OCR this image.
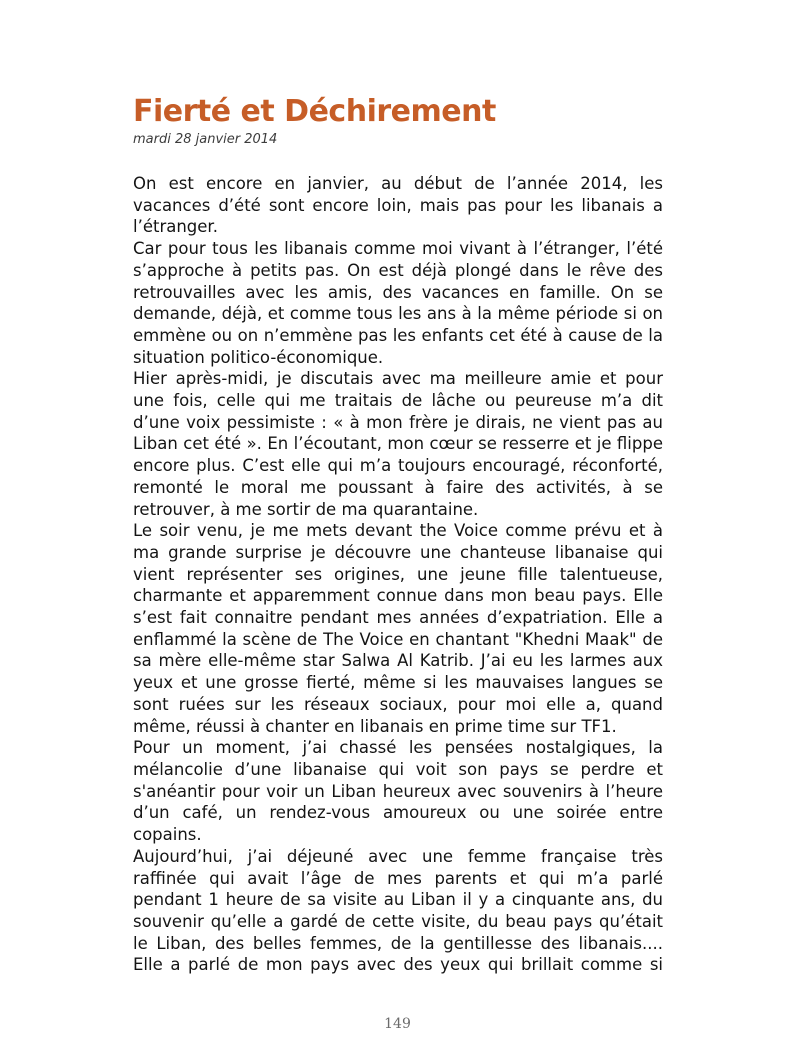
Fierté et Déchirement
mardi 28 janvier 2014

On est encore en janvier, au début de l’année 2014, les vacances d’été sont encore loin, mais pas pour les libanais a l’étranger.

Car pour tous les libanais comme moi vivant à l’étranger, l’été s’approche à petits pas. On est déjà plongé dans le rêve des retrouvailles avec les amis, des vacances en famille. On se demande, déjà, et comme tous les ans à la même période si on emmène ou on n’emmène pas les enfants cet été à cause de la situation politico-économique.

Hier après-midi, je discutais avec ma meilleure amie et pour une fois, celle qui me traitais de lâche ou peureuse m’a dit d’une voix pessimiste : « à mon frère je dirais, ne vient pas au Liban cet été ». En l’écoutant, mon cœur se resserre et je flippe encore plus. C’est elle qui m’a toujours encouragé, réconforté, remonté le moral me poussant à faire des activités, à se retrouver, à me sortir de ma quarantaine.

Le soir venu, je me mets devant the Voice comme prévu et à ma grande surprise je découvre une chanteuse libanaise qui vient représenter ses origines, une jeune fille talentueuse, charmante et apparemment connue dans mon beau pays. Elle s’est fait connaitre pendant mes années d’expatriation. Elle a enflammé la scène de The Voice en chantant "Khedni Maak" de sa mère elle-même star Salwa Al Katrib. J’ai eu les larmes aux yeux et une grosse fierté, même si les mauvaises langues se sont ruées sur les réseaux sociaux, pour moi elle a, quand même, réussi à chanter en libanais en prime time sur TF1.

Pour un moment, j’ai chassé les pensées nostalgiques, la mélancolie d’une libanaise qui voit son pays se perdre et s'anéantir pour voir un Liban heureux avec souvenirs à l’heure d’un café, un rendez-vous amoureux ou une soirée entre copains.

Aujourd’hui, j’ai déjeuné avec une femme française très raffinée qui avait l’âge de mes parents et qui m’a parlé pendant 1 heure de sa visite au Liban il y a cinquante ans, du souvenir qu’elle a gardé de cette visite, du beau pays qu’était le Liban, des belles femmes, de la gentillesse des libanais.... Elle a parlé de mon pays avec des yeux qui brillait comme si

149
